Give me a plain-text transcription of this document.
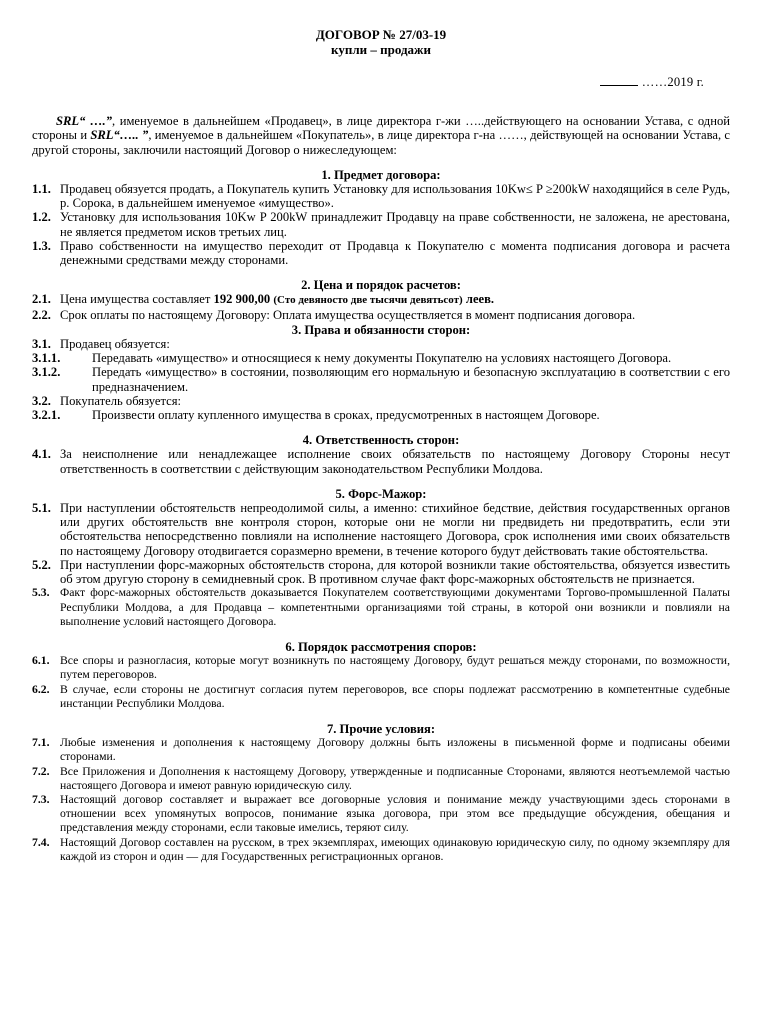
ДОГОВОР № 27/03-19
купли – продажи
……2019 г.
SRL“ ….”, именуемое в дальнейшем «Продавец», в лице директора г-жи …..действующего на основании Устава, с одной стороны и SRL“….. ”, именуемое в дальнейшем «Покупатель», в лице директора г-на ……, действующей на основании Устава, с другой стороны, заключили настоящий Договор о нижеследующем:
1. Предмет договора:
1.1. Продавец обязуется продать, а Покупатель купить Установку для использования 10Kw≤ P ≥200kW находящийся в селе Рудь, р. Сорока, в дальнейшем именуемое «имущество».
1.2. Установку для использования 10Kw P 200kW принадлежит Продавцу на праве собственности, не заложена, не арестована, не является предметом исков третьих лиц.
1.3. Право собственности на имущество переходит от Продавца к Покупателю с момента подписания договора и расчета денежными средствами между сторонами.
2. Цена и порядок расчетов:
2.1. Цена имущества составляет 192 900,00 (Сто девяносто две тысячи девятьсот) леев.
2.2. Срок оплаты по настоящему Договору: Оплата имущества осуществляется в момент подписания договора.
3. Права и обязанности сторон:
3.1. Продавец обязуется:
3.1.1.	Передавать «имущество» и относящиеся к нему документы Покупателю на условиях настоящего Договора.
3.1.2.	Передать «имущество» в состоянии, позволяющим его нормальную и безопасную эксплуатацию в соответствии с его предназначением.
3.2. Покупатель обязуется:
3.2.1.	Произвести оплату купленного имущества в сроках, предусмотренных в настоящем Договоре.
4. Ответственность сторон:
4.1. За неисполнение или ненадлежащее исполнение своих обязательств по настоящему Договору Стороны несут ответственность в соответствии с действующим законодательством Республики Молдова.
5. Форс-Мажор:
5.1. При наступлении обстоятельств непреодолимой силы, а именно: стихийное бедствие, действия государственных органов или других обстоятельств вне контроля сторон, которые они не могли ни предвидеть ни предотвратить, если эти обстоятельства непосредственно повлияли на исполнение настоящего Договора, срок исполнения ими своих обязательств по настоящему Договору отодвигается соразмерно времени, в течение которого будут действовать такие обстоятельства.
5.2. При наступлении форс-мажорных обстоятельств сторона, для которой возникли такие обстоятельства, обязуется известить об этом другую сторону в семидневный срок. В противном случае факт форс-мажорных обстоятельств не признается.
5.3. Факт форс-мажорных обстоятельств доказывается Покупателем соответствующими документами Торгово-промышленной Палаты Республики Молдова, а для Продавца – компетентными организациями той страны, в которой они возникли и повлияли на выполнение условий настоящего Договора.
6. Порядок рассмотрения споров:
6.1. Все споры и разногласия, которые могут возникнуть по настоящему Договору, будут решаться между сторонами, по возможности, путем переговоров.
6.2. В случае, если стороны не достигнут согласия путем переговоров, все споры подлежат рассмотрению в компетентные судебные инстанции Республики Молдова.
7. Прочие условия:
7.1. Любые изменения и дополнения к настоящему Договору должны быть изложены в письменной форме и подписаны обеими сторонами.
7.2. Все Приложения и Дополнения к настоящему Договору, утвержденные и подписанные Сторонами, являются неотъемлемой частью настоящего Договора и имеют равную юридическую силу.
7.3. Настоящий договор составляет и выражает все договорные условия и понимание между участвующими здесь сторонами в отношении всех упомянутых вопросов, понимание языка договора, при этом все предыдущие обсуждения, обещания и представления между сторонами, если таковые имелись, теряют силу.
7.4. Настоящий Договор составлен на русском, в трех экземплярах, имеющих одинаковую юридическую силу, по одному экземпляру для каждой из сторон и один — для Государственных регистрационных органов.
